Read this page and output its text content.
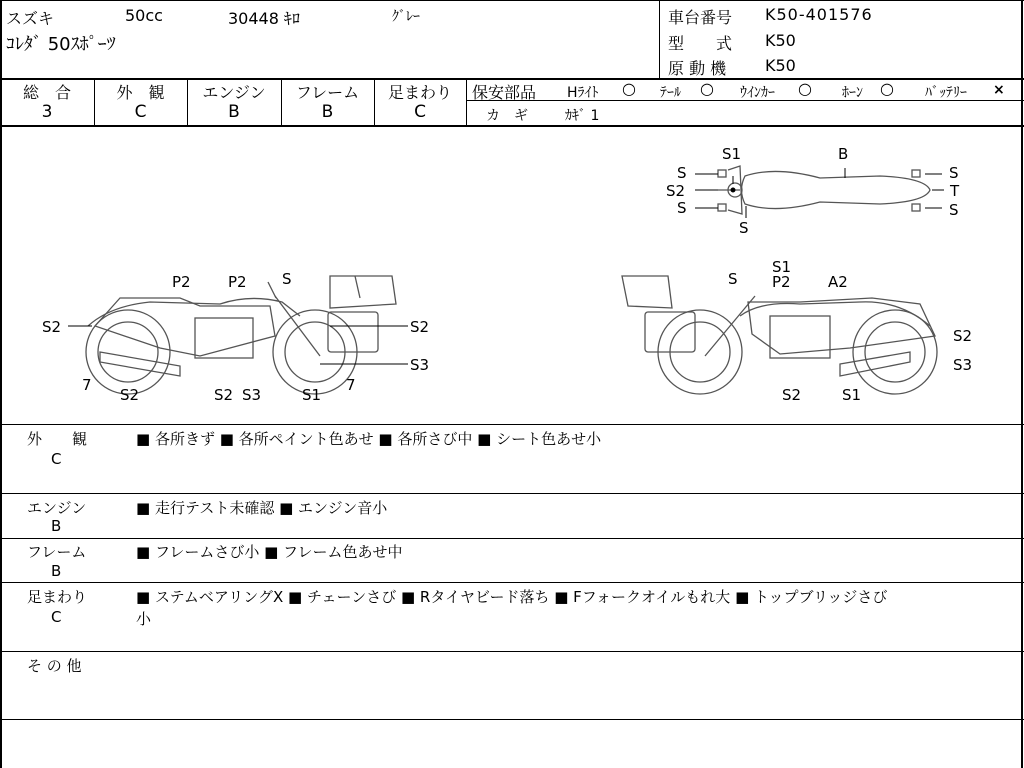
スズキ	50cc	30448 ｷﾛ	ｸﾞﾚｰ
ｺﾚﾀﾞ 50ｽﾎﾟｰﾂ
車台番号 K50-401576
型　　式 K50
原 動 機 K50
総　合
3
外　観
C
エンジン
B
フレーム
B
足まわり
C
保安部品 Hﾗｲﾄ ○ ﾃｰﾙ ○ ｳｲﾝｶｰ ○ ﾎｰﾝ ○ ﾊﾞｯﾃﾘｰ ×
カ　ギ	ｶｷﾞ 1
S1	B
S
S2
S
S
T
S
S
P2 P2 S
S2	S2
7
S3
S2	S2 S3	S1
7
S
S1
P2 A2
S2
S3
S2	S1
外　　観
C
■ 各所きず ■ 各所ペイント色あせ ■ 各所さび中 ■ シート色あせ小
エンジン
B
■ 走行テスト未確認 ■ エンジン音小
フレーム
B
■ フレームさび小 ■ フレーム色あせ中
足まわり
C
■ ステムベアリングX ■ チェーンさび ■ Rタイヤビード落ち ■ Fフォークオイルもれ大 ■ トップブリッジさび
小
そ の 他
